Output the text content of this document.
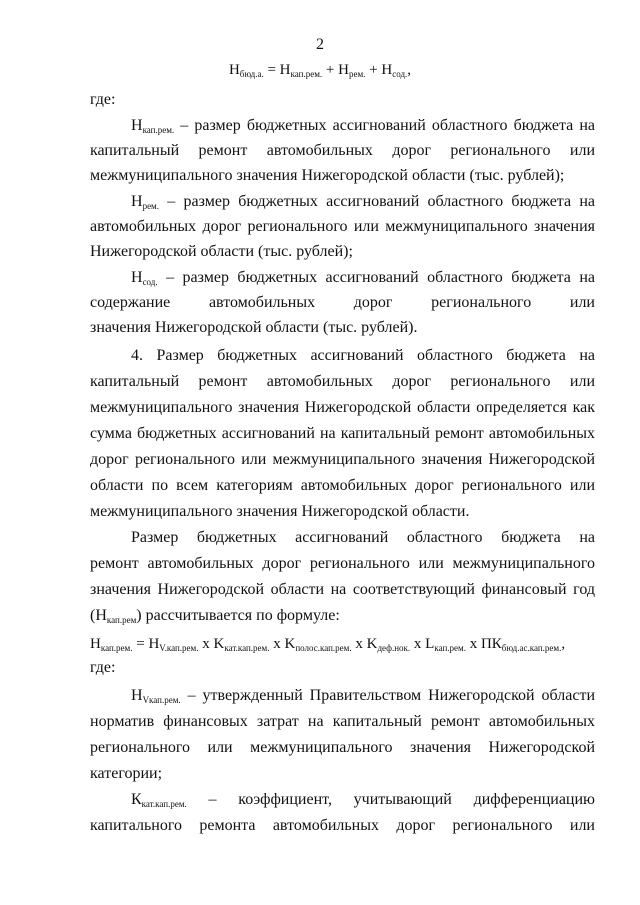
2
$Н_{бюд.а.} = Н_{кап.рем.} + Н_{рем.} + Н_{сод.}$,
где:
$Н_{кап.рем.}$ – размер бюджетных ассигнований областного бюджета на
капитальный ремонт автомобильных дорог регионального или
межмуниципального значения Нижегородской области (тыс. рублей);
$Н_{рем.}$ – размер бюджетных ассигнований областного бюджета на
автомобильных дорог регионального или межмуниципального значения
Нижегородской области (тыс. рублей);
$Н_{сод.}$ – размер бюджетных ассигнований областного бюджета на
содержание автомобильных дорог регионального или
значения Нижегородской области (тыс. рублей).
4. Размер бюджетных ассигнований областного бюджета на
капитальный ремонт автомобильных дорог регионального или
межмуниципального значения Нижегородской области определяется как
сумма бюджетных ассигнований на капитальный ремонт автомобильных
дорог регионального или межмуниципального значения Нижегородской
области по всем категориям автомобильных дорог регионального или
межмуниципального значения Нижегородской области.
Размер бюджетных ассигнований областного бюджета на
ремонт автомобильных дорог регионального или межмуниципального
значения Нижегородской области на соответствующий финансовый год
$(Н_{кап.рем})$ рассчитывается по формуле:
$Н_{кап.рем.} = Н_{V.кап.рем.}$ х $K_{кат.кап.рем.}$ х $K_{полос.кап.рем.}$ х $K_{деф.нок.}$ х $L_{кап.рем.}$ х $ПК_{бюд.ас.кап.рем.}$,
где:
$Н_{Vкап.рем.}$ – утвержденный Правительством Нижегородской области
норматив финансовых затрат на капитальный ремонт автомобильных
регионального или межмуниципального значения Нижегородской
категории;
$К_{кат.кап.рем.}$ – коэффициент, учитывающий дифференциацию
капитального ремонта автомобильных дорог регионального или
